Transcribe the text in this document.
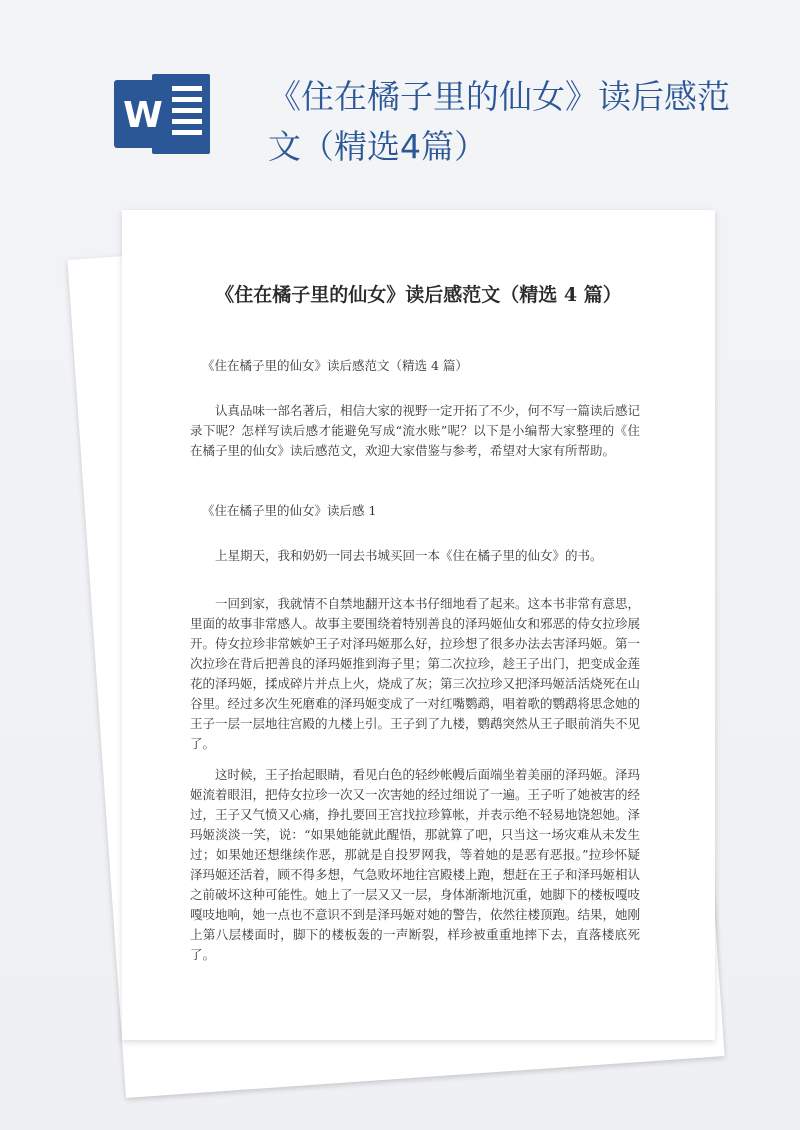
W	《住在橘子里的仙女》读后感范文（精选4篇）
《住在橘子里的仙女》读后感范文（精选 4 篇）

《住在橘子里的仙女》读后感范文（精选 4 篇）

认真品味一部名著后，相信大家的视野一定开拓了不少，何不写一篇读后感记录下呢？怎样写读后感才能避免写成“流水账”呢？以下是小编帮大家整理的《住在橘子里的仙女》读后感范文，欢迎大家借鉴与参考，希望对大家有所帮助。

《住在橘子里的仙女》读后感 1

上星期天，我和奶奶一同去书城买回一本《住在橘子里的仙女》的书。

一回到家，我就情不自禁地翻开这本书仔细地看了起来。这本书非常有意思，里面的故事非常感人。故事主要围绕着特别善良的泽玛姬仙女和邪恶的侍女拉珍展开。侍女拉珍非常嫉妒王子对泽玛姬那么好，拉珍想了很多办法去害泽玛姬。第一次拉珍在背后把善良的泽玛姬推到海子里；第二次拉珍，趁王子出门，把变成金莲花的泽玛姬，揉成碎片并点上火，烧成了灰；第三次拉珍又把泽玛姬活活烧死在山谷里。经过多次生死磨难的泽玛姬变成了一对红嘴鹦鹉，唱着歌的鹦鹉将思念她的王子一层一层地往宫殿的九楼上引。王子到了九楼，鹦鹉突然从王子眼前消失不见了。

这时候，王子抬起眼睛，看见白色的轻纱帐幔后面端坐着美丽的泽玛姬。泽玛姬流着眼泪，把侍女拉珍一次又一次害她的经过细说了一遍。王子听了她被害的经过，王子又气愤又心痛，挣扎要回王宫找拉珍算帐，并表示绝不轻易地饶恕她。泽玛姬淡淡一笑，说：“如果她能就此醒悟，那就算了吧，只当这一场灾难从未发生过；如果她还想继续作恶，那就是自投罗网我，等着她的是恶有恶报。”拉珍怀疑泽玛姬还活着，顾不得多想，气急败坏地往宫殿楼上跑，想赶在王子和泽玛姬相认之前破坏这种可能性。她上了一层又又一层，身体渐渐地沉重，她脚下的楼板嘎吱嘎吱地响，她一点也不意识不到是泽玛姬对她的警告，依然往楼顶跑。结果，她刚上第八层楼面时，脚下的楼板轰的一声断裂，样珍被重重地摔下去，直落楼底死了。
